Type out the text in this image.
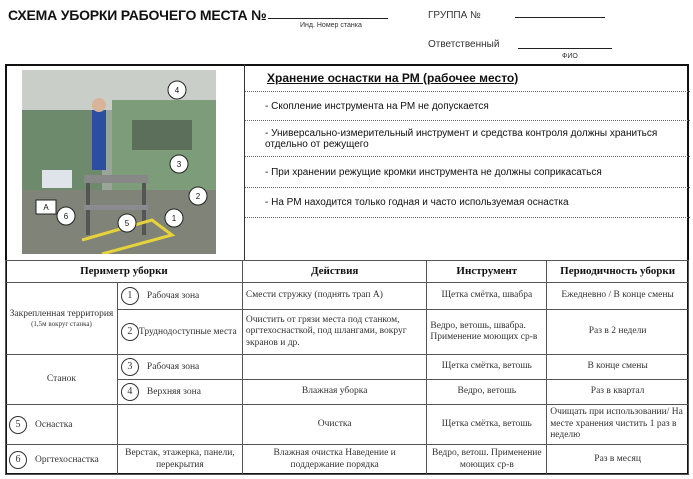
СХЕМА УБОРКИ РАБОЧЕГО МЕСТА №
Инд. Номер станка
ГРУППА №
Ответственный
ФИО
1
2
3
4
5
6
A
Хранение оснастки на РМ (рабочее место)
- Скопление инструмента на РМ не допускается
- Универсально-измерительный инструмент и средства контроля должны храниться отдельно от режущего
- При хранении режущие кромки инструмента не должны соприкасаться
- На РМ находится только годная и часто используемая оснастка
Периметр уборки		Действия	Инструмент	Периодичность уборки

Закрепленная территория
(1,5м вокруг станка)	1 Рабочая зона	Смести стружку (поднять трап А)	Щетка смётка, швабра	Ежедневно / В конце смены
	2 Труднодоступные места	Очистить от грязи места под станком, оргтехоснасткой, под шлангами, вокруг экранов и др.	Ведро, ветошь, швабра. Применение моющих ср-в	Раз в 2 недели
Станок	3 Рабочая зона		Щетка смётка, ветошь	В конце смены
	4 Верхняя зона	Влажная уборка	Ведро, ветошь	Раз в квартал
5 Оснастка		Очистка	Щетка смётка, ветошь	Очищать при использовании/ На месте хранения чистить 1 раз в неделю
6 Оргтехоснастка	Верстак, этажерка, панели, перекрытия	Влажная очистка Наведение и поддержание порядка	Ведро, ветош. Применение моющих ср-в	Раз в месяц
